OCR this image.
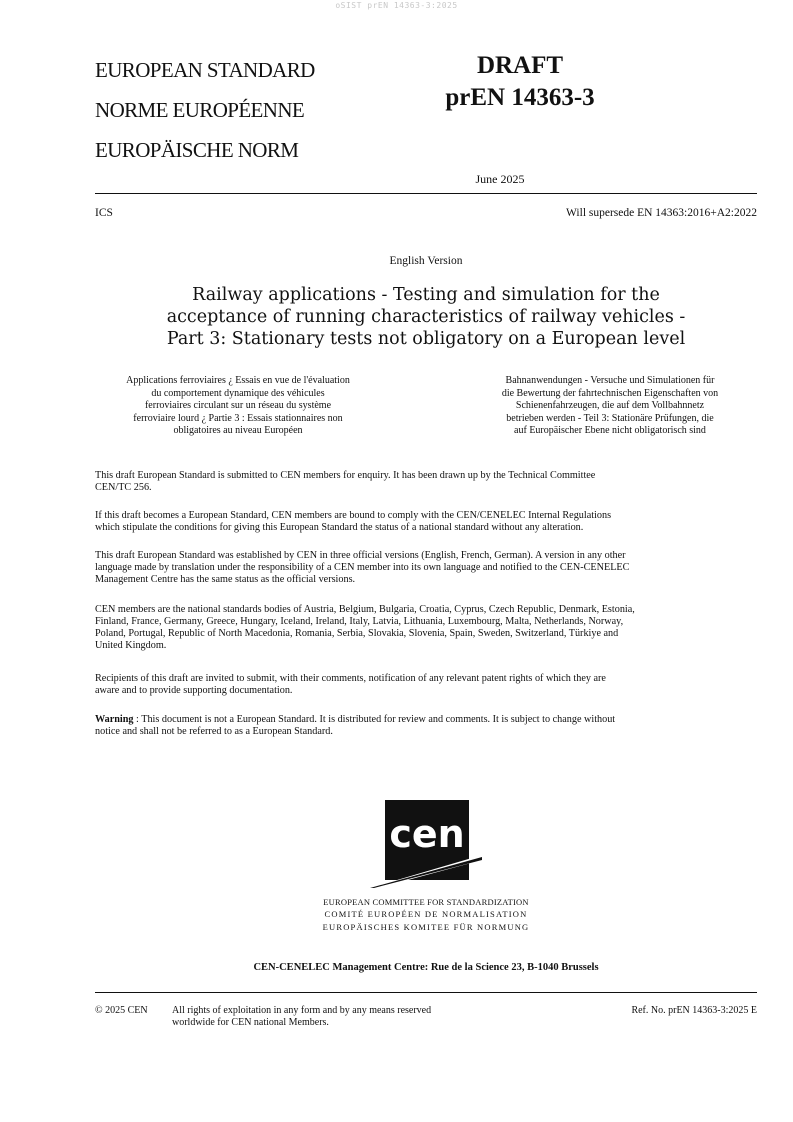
oSIST prEN 14363-3:2025
EUROPEAN STANDARD
NORME EUROPÉENNE
EUROPÄISCHE NORM
DRAFT
prEN 14363-3
June 2025
ICS	Will supersede EN 14363:2016+A2:2022
English Version
Railway applications - Testing and simulation for the
acceptance of running characteristics of railway vehicles -
Part 3: Stationary tests not obligatory on a European level
Applications ferroviaires ¿ Essais en vue de l'évaluation
du comportement dynamique des véhicules
ferroviaires circulant sur un réseau du système
ferroviaire lourd ¿ Partie 3 : Essais stationnaires non
obligatoires au niveau Européen
Bahnanwendungen - Versuche und Simulationen für
die Bewertung der fahrtechnischen Eigenschaften von
Schienenfahrzeugen, die auf dem Vollbahnnetz
betrieben werden - Teil 3: Stationäre Prüfungen, die
auf Europäischer Ebene nicht obligatorisch sind
This draft European Standard is submitted to CEN members for enquiry. It has been drawn up by the Technical Committee
CEN/TC 256.
If this draft becomes a European Standard, CEN members are bound to comply with the CEN/CENELEC Internal Regulations
which stipulate the conditions for giving this European Standard the status of a national standard without any alteration.
This draft European Standard was established by CEN in three official versions (English, French, German). A version in any other
language made by translation under the responsibility of a CEN member into its own language and notified to the CEN-CENELEC
Management Centre has the same status as the official versions.
CEN members are the national standards bodies of Austria, Belgium, Bulgaria, Croatia, Cyprus, Czech Republic, Denmark, Estonia,
Finland, France, Germany, Greece, Hungary, Iceland, Ireland, Italy, Latvia, Lithuania, Luxembourg, Malta, Netherlands, Norway,
Poland, Portugal, Republic of North Macedonia, Romania, Serbia, Slovakia, Slovenia, Spain, Sweden, Switzerland, Türkiye and
United Kingdom.
Recipients of this draft are invited to submit, with their comments, notification of any relevant patent rights of which they are
aware and to provide supporting documentation.
Warning : This document is not a European Standard. It is distributed for review and comments. It is subject to change without
notice and shall not be referred to as a European Standard.
cen
EUROPEAN COMMITTEE FOR STANDARDIZATION
COMITÉ EUROPÉEN DE NORMALISATION
EUROPÄISCHES KOMITEE FÜR NORMUNG
CEN-CENELEC Management Centre: Rue de la Science 23, B-1040 Brussels
© 2025 CEN All rights of exploitation in any form and by any means reserved
worldwide for CEN national Members.
Ref. No. prEN 14363-3:2025 E
